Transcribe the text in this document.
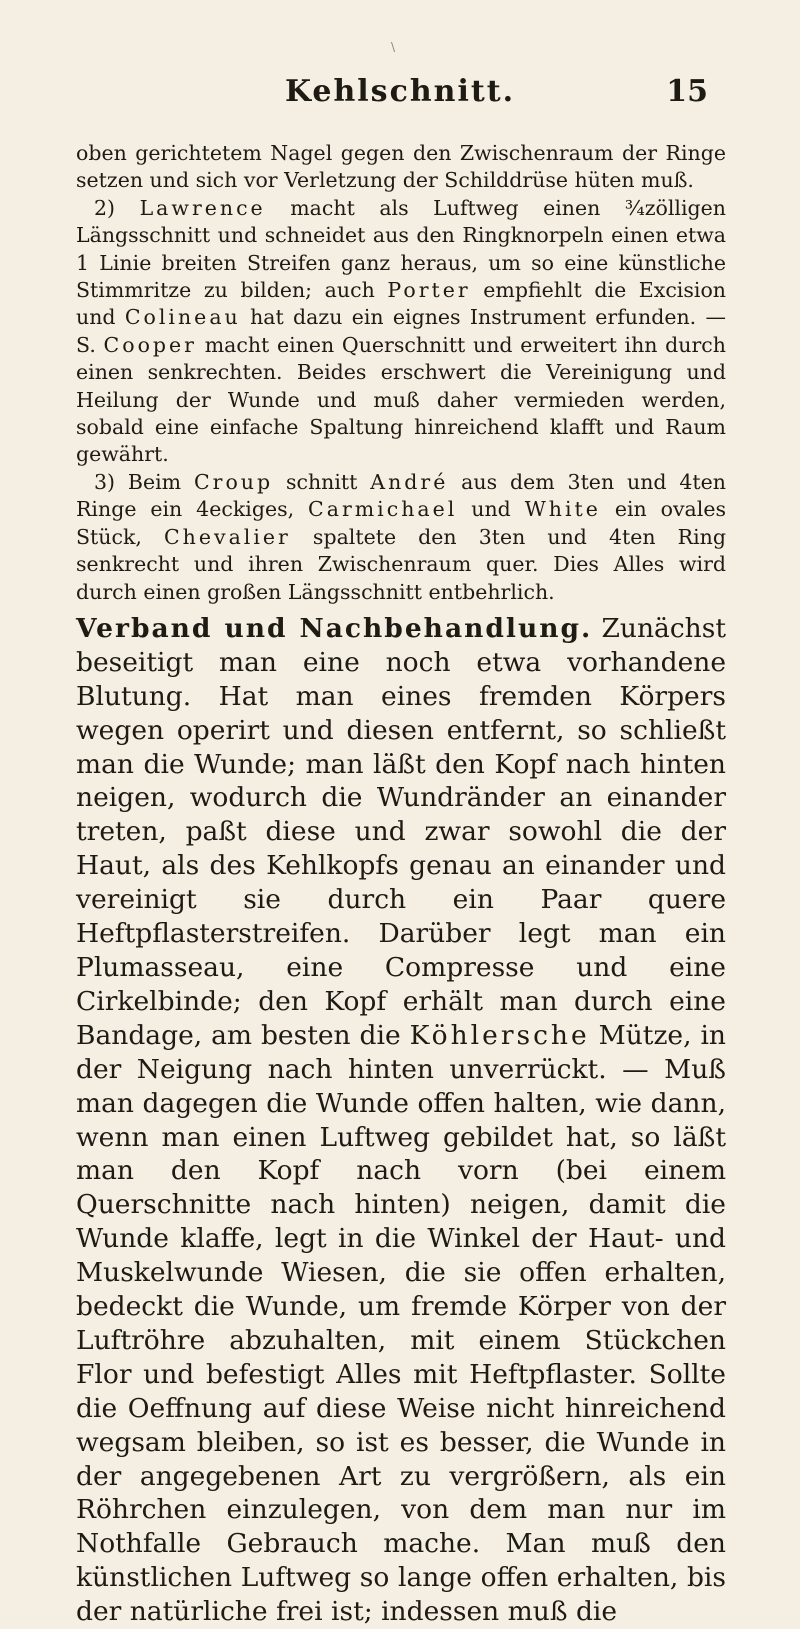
\
Kehlschnitt.	15

oben gerichtetem Nagel gegen den Zwischenraum der Ringe setzen und sich vor Verletzung der Schilddrüse hüten muß.

2) Lawrence macht als Luftweg einen ¾zölligen Längsschnitt und schneidet aus den Ringknorpeln einen etwa 1 Linie breiten Streifen ganz heraus, um so eine künstliche Stimmritze zu bilden; auch Porter empfiehlt die Excision und Colineau hat dazu ein eignes Instrument erfunden. — S. Cooper macht einen Querschnitt und erweitert ihn durch einen senkrechten. Beides erschwert die Vereinigung und Heilung der Wunde und muß daher vermieden werden, sobald eine einfache Spaltung hinreichend klafft und Raum gewährt.

3) Beim Croup schnitt André aus dem 3ten und 4ten Ringe ein 4eckiges, Carmichael und White ein ovales Stück, Chevalier spaltete den 3ten und 4ten Ring senkrecht und ihren Zwischenraum quer. Dies Alles wird durch einen großen Längsschnitt entbehrlich.

Verband und Nachbehandlung. Zunächst beseitigt man eine noch etwa vorhandene Blutung. Hat man eines fremden Körpers wegen operirt und diesen entfernt, so schließt man die Wunde; man läßt den Kopf nach hinten neigen, wodurch die Wundränder an einander treten, paßt diese und zwar sowohl die der Haut, als des Kehlkopfs genau an einander und vereinigt sie durch ein Paar quere Heftpflasterstreifen. Darüber legt man ein Plumasseau, eine Compresse und eine Cirkelbinde; den Kopf erhält man durch eine Bandage, am besten die Köhlersche Mütze, in der Neigung nach hinten unverrückt. — Muß man dagegen die Wunde offen halten, wie dann, wenn man einen Luftweg gebildet hat, so läßt man den Kopf nach vorn (bei einem Querschnitte nach hinten) neigen, damit die Wunde klaffe, legt in die Winkel der Haut- und Muskelwunde Wiesen, die sie offen erhalten, bedeckt die Wunde, um fremde Körper von der Luftröhre abzuhalten, mit einem Stückchen Flor und befestigt Alles mit Heftpflaster. Sollte die Oeffnung auf diese Weise nicht hinreichend wegsam bleiben, so ist es besser, die Wunde in der angegebenen Art zu vergrößern, als ein Röhrchen einzulegen, von dem man nur im Nothfalle Gebrauch mache. Man muß den künstlichen Luftweg so lange offen erhalten, bis der natürliche frei ist; indessen muß die
